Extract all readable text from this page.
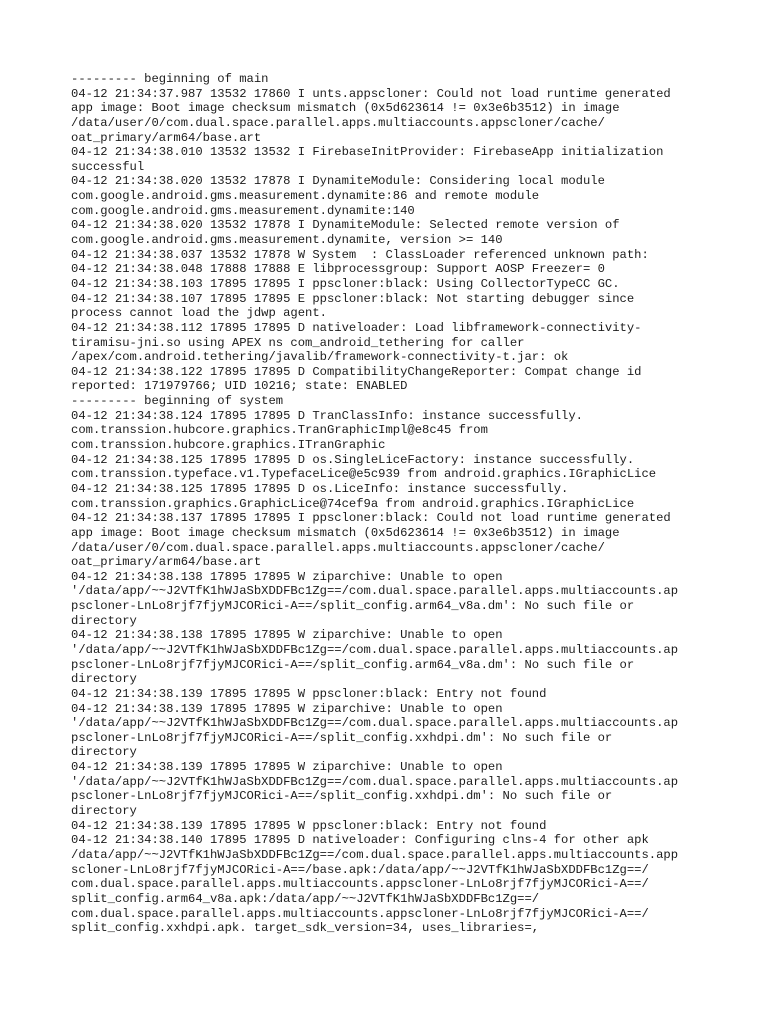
--------- beginning of main
04-12 21:34:37.987 13532 17860 I unts.appscloner: Could not load runtime generated
app image: Boot image checksum mismatch (0x5d623614 != 0x3e6b3512) in image
/data/user/0/com.dual.space.parallel.apps.multiaccounts.appscloner/cache/
oat_primary/arm64/base.art
04-12 21:34:38.010 13532 13532 I FirebaseInitProvider: FirebaseApp initialization
successful
04-12 21:34:38.020 13532 17878 I DynamiteModule: Considering local module
com.google.android.gms.measurement.dynamite:86 and remote module
com.google.android.gms.measurement.dynamite:140
04-12 21:34:38.020 13532 17878 I DynamiteModule: Selected remote version of
com.google.android.gms.measurement.dynamite, version >= 140
04-12 21:34:38.037 13532 17878 W System  : ClassLoader referenced unknown path:
04-12 21:34:38.048 17888 17888 E libprocessgroup: Support AOSP Freezer= 0
04-12 21:34:38.103 17895 17895 I ppscloner:black: Using CollectorTypeCC GC.
04-12 21:34:38.107 17895 17895 E ppscloner:black: Not starting debugger since
process cannot load the jdwp agent.
04-12 21:34:38.112 17895 17895 D nativeloader: Load libframework-connectivity-
tiramisu-jni.so using APEX ns com_android_tethering for caller
/apex/com.android.tethering/javalib/framework-connectivity-t.jar: ok
04-12 21:34:38.122 17895 17895 D CompatibilityChangeReporter: Compat change id
reported: 171979766; UID 10216; state: ENABLED
--------- beginning of system
04-12 21:34:38.124 17895 17895 D TranClassInfo: instance successfully.
com.transsion.hubcore.graphics.TranGraphicImpl@e8c45 from
com.transsion.hubcore.graphics.ITranGraphic
04-12 21:34:38.125 17895 17895 D os.SingleLiceFactory: instance successfully.
com.transsion.typeface.v1.TypefaceLice@e5c939 from android.graphics.IGraphicLice
04-12 21:34:38.125 17895 17895 D os.LiceInfo: instance successfully.
com.transsion.graphics.GraphicLice@74cef9a from android.graphics.IGraphicLice
04-12 21:34:38.137 17895 17895 I ppscloner:black: Could not load runtime generated
app image: Boot image checksum mismatch (0x5d623614 != 0x3e6b3512) in image
/data/user/0/com.dual.space.parallel.apps.multiaccounts.appscloner/cache/
oat_primary/arm64/base.art
04-12 21:34:38.138 17895 17895 W ziparchive: Unable to open
'/data/app/~~J2VTfK1hWJaSbXDDFBc1Zg==/com.dual.space.parallel.apps.multiaccounts.ap
pscloner-LnLo8rjf7fjyMJCORici-A==/split_config.arm64_v8a.dm': No such file or
directory
04-12 21:34:38.138 17895 17895 W ziparchive: Unable to open
'/data/app/~~J2VTfK1hWJaSbXDDFBc1Zg==/com.dual.space.parallel.apps.multiaccounts.ap
pscloner-LnLo8rjf7fjyMJCORici-A==/split_config.arm64_v8a.dm': No such file or
directory
04-12 21:34:38.139 17895 17895 W ppscloner:black: Entry not found
04-12 21:34:38.139 17895 17895 W ziparchive: Unable to open
'/data/app/~~J2VTfK1hWJaSbXDDFBc1Zg==/com.dual.space.parallel.apps.multiaccounts.ap
pscloner-LnLo8rjf7fjyMJCORici-A==/split_config.xxhdpi.dm': No such file or
directory
04-12 21:34:38.139 17895 17895 W ziparchive: Unable to open
'/data/app/~~J2VTfK1hWJaSbXDDFBc1Zg==/com.dual.space.parallel.apps.multiaccounts.ap
pscloner-LnLo8rjf7fjyMJCORici-A==/split_config.xxhdpi.dm': No such file or
directory
04-12 21:34:38.139 17895 17895 W ppscloner:black: Entry not found
04-12 21:34:38.140 17895 17895 D nativeloader: Configuring clns-4 for other apk
/data/app/~~J2VTfK1hWJaSbXDDFBc1Zg==/com.dual.space.parallel.apps.multiaccounts.app
scloner-LnLo8rjf7fjyMJCORici-A==/base.apk:/data/app/~~J2VTfK1hWJaSbXDDFBc1Zg==/
com.dual.space.parallel.apps.multiaccounts.appscloner-LnLo8rjf7fjyMJCORici-A==/
split_config.arm64_v8a.apk:/data/app/~~J2VTfK1hWJaSbXDDFBc1Zg==/
com.dual.space.parallel.apps.multiaccounts.appscloner-LnLo8rjf7fjyMJCORici-A==/
split_config.xxhdpi.apk. target_sdk_version=34, uses_libraries=,
